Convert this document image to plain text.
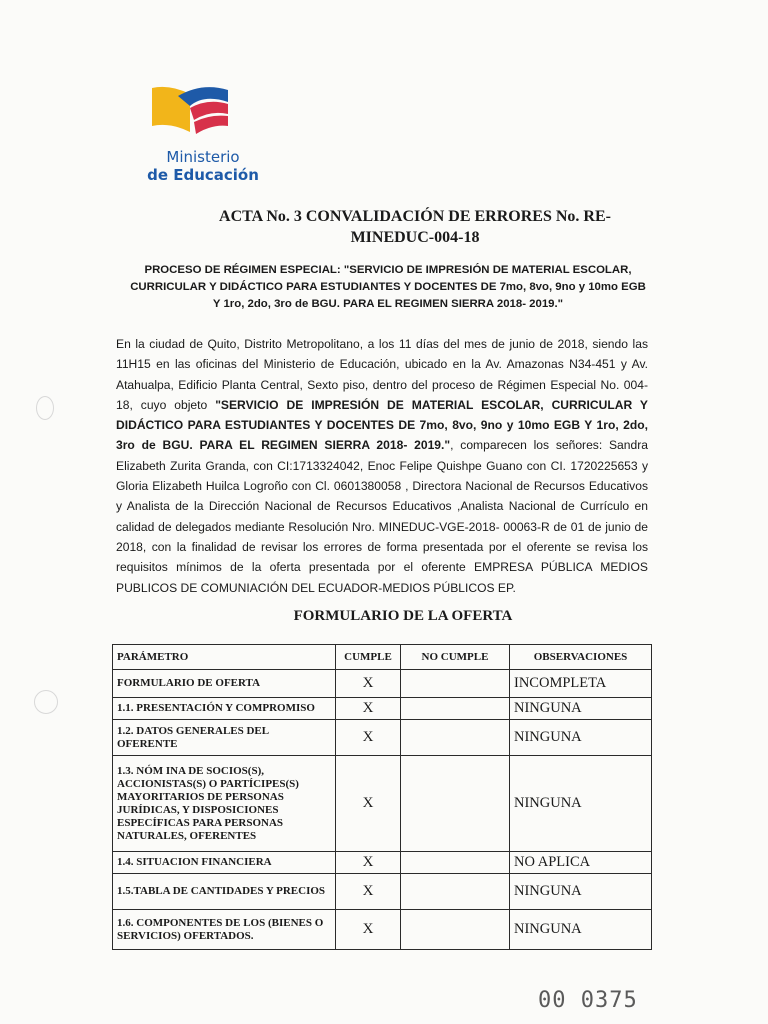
Ministerio
de Educación
ACTA No. 3 CONVALIDACIÓN DE ERRORES No. RE-
MINEDUC-004-18
PROCESO DE RÉGIMEN ESPECIAL: "SERVICIO DE IMPRESIÓN DE MATERIAL ESCOLAR,
CURRICULAR Y DIDÁCTICO PARA ESTUDIANTES Y DOCENTES DE 7mo, 8vo, 9no y 10mo EGB
Y 1ro, 2do, 3ro de BGU. PARA EL REGIMEN SIERRA 2018- 2019."
En la ciudad de Quito, Distrito Metropolitano, a los 11 días del mes de junio de 2018, siendo las 11H15 en las oficinas del Ministerio de Educación, ubicado en la Av. Amazonas N34-451 y Av. Atahualpa, Edificio Planta Central, Sexto piso, dentro del proceso de Régimen Especial No. 004-18, cuyo objeto "SERVICIO DE IMPRESIÓN DE MATERIAL ESCOLAR, CURRICULAR Y DIDÁCTICO PARA ESTUDIANTES Y DOCENTES DE 7mo, 8vo, 9no y 10mo EGB Y 1ro, 2do, 3ro de BGU. PARA EL REGIMEN SIERRA 2018- 2019.", comparecen los señores: Sandra Elizabeth Zurita Granda, con CI:1713324042, Enoc Felipe Quishpe Guano con CI. 1720225653 y Gloria Elizabeth Huilca Logroño con Cl. 0601380058 , Directora Nacional de Recursos Educativos y Analista de la Dirección Nacional de Recursos Educativos ,Analista Nacional de Currículo en calidad de delegados mediante Resolución Nro. MINEDUC-VGE-2018- 00063-R de 01 de junio de 2018, con la finalidad de revisar los errores de forma presentada por el oferente se revisa los requisitos mínimos de la oferta presentada por el oferente EMPRESA PÚBLICA MEDIOS PUBLICOS DE COMUNIACIÓN DEL ECUADOR-MEDIOS PÚBLICOS EP.
FORMULARIO DE LA OFERTA
PARÁMETRO	CUMPLE	NO CUMPLE	OBSERVACIONES
FORMULARIO DE OFERTA	X		INCOMPLETA
1.1. PRESENTACIÓN Y COMPROMISO	X		NINGUNA
1.2. DATOS GENERALES DEL OFERENTE	X		NINGUNA
1.3. NÓM INA DE SOCIOS(S), ACCIONISTAS(S) O PARTÍCIPES(S) MAYORITARIOS DE PERSONAS JURÍDICAS, Y DISPOSICIONES ESPECÍFICAS PARA PERSONAS NATURALES, OFERENTES	X		NINGUNA
1.4. SITUACION FINANCIERA	X		NO APLICA
1.5.TABLA DE CANTIDADES Y PRECIOS	X		NINGUNA
1.6. COMPONENTES DE LOS (BIENES O SERVICIOS) OFERTADOS.	X		NINGUNA
00 0375
